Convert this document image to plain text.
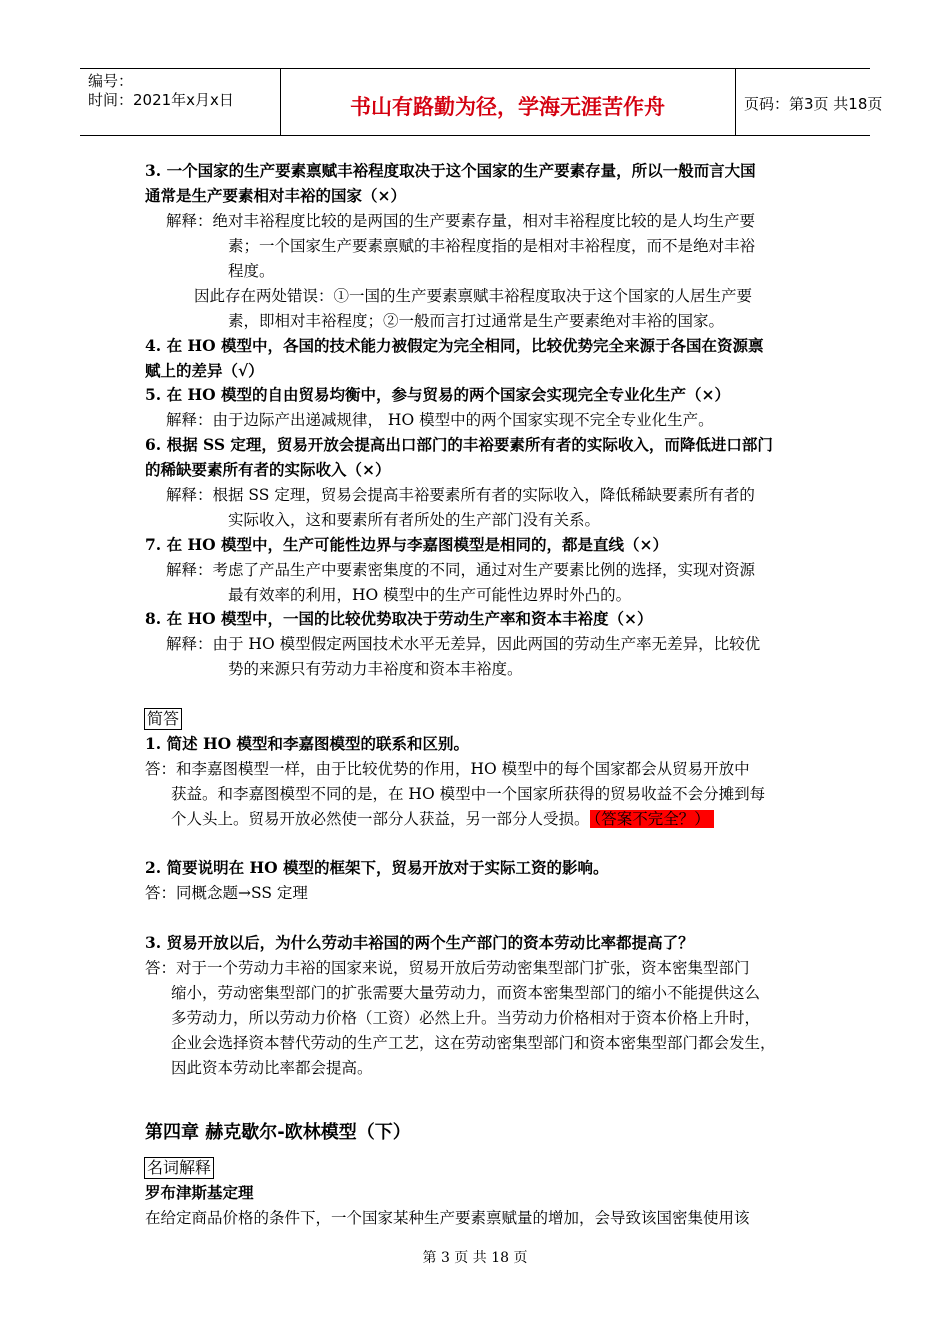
编号：
时间：2021年x月x日	书山有路勤为径，学海无涯苦作舟	页码：第3页 共18页
3. 一个国家的生产要素禀赋丰裕程度取决于这个国家的生产要素存量，所以一般而言大国
通常是生产要素相对丰裕的国家（×）
解释：绝对丰裕程度比较的是两国的生产要素存量，相对丰裕程度比较的是人均生产要
素；一个国家生产要素禀赋的丰裕程度指的是相对丰裕程度，而不是绝对丰裕
程度。
因此存在两处错误：①一国的生产要素禀赋丰裕程度取决于这个国家的人居生产要
素，即相对丰裕程度；②一般而言打过通常是生产要素绝对丰裕的国家。
4. 在 HO 模型中，各国的技术能力被假定为完全相同，比较优势完全来源于各国在资源禀
赋上的差异（√）
5. 在 HO 模型的自由贸易均衡中，参与贸易的两个国家会实现完全专业化生产（×）
解释：由于边际产出递减规律， HO 模型中的两个国家实现不完全专业化生产。
6. 根据 SS 定理，贸易开放会提高出口部门的丰裕要素所有者的实际收入，而降低进口部门
的稀缺要素所有者的实际收入（×）
解释：根据 SS 定理，贸易会提高丰裕要素所有者的实际收入，降低稀缺要素所有者的
实际收入，这和要素所有者所处的生产部门没有关系。
7. 在 HO 模型中，生产可能性边界与李嘉图模型是相同的，都是直线（×）
解释：考虑了产品生产中要素密集度的不同，通过对生产要素比例的选择，实现对资源
最有效率的利用，HO 模型中的生产可能性边界时外凸的。
8. 在 HO 模型中，一国的比较优势取决于劳动生产率和资本丰裕度（×）
解释：由于 HO 模型假定两国技术水平无差异，因此两国的劳动生产率无差异，比较优
势的来源只有劳动力丰裕度和资本丰裕度。
简答
1. 简述 HO 模型和李嘉图模型的联系和区别。
答：和李嘉图模型一样，由于比较优势的作用，HO 模型中的每个国家都会从贸易开放中
获益。和李嘉图模型不同的是，在 HO 模型中一个国家所获得的贸易收益不会分摊到每
个人头上。贸易开放必然使一部分人获益，另一部分人受损。 （答案不完全？）
2. 简要说明在 HO 模型的框架下，贸易开放对于实际工资的影响。
答：同概念题→SS 定理
3. 贸易开放以后，为什么劳动丰裕国的两个生产部门的资本劳动比率都提高了？
答：对于一个劳动力丰裕的国家来说，贸易开放后劳动密集型部门扩张，资本密集型部门
缩小，劳动密集型部门的扩张需要大量劳动力，而资本密集型部门的缩小不能提供这么
多劳动力，所以劳动力价格（工资）必然上升。当劳动力价格相对于资本价格上升时，
企业会选择资本替代劳动的生产工艺，这在劳动密集型部门和资本密集型部门都会发生，
因此资本劳动比率都会提高。
第四章 赫克歇尔-欧林模型（下）
名词解释
罗布津斯基定理
在给定商品价格的条件下，一个国家某种生产要素禀赋量的增加，会导致该国密集使用该
第 3 页 共 18 页
